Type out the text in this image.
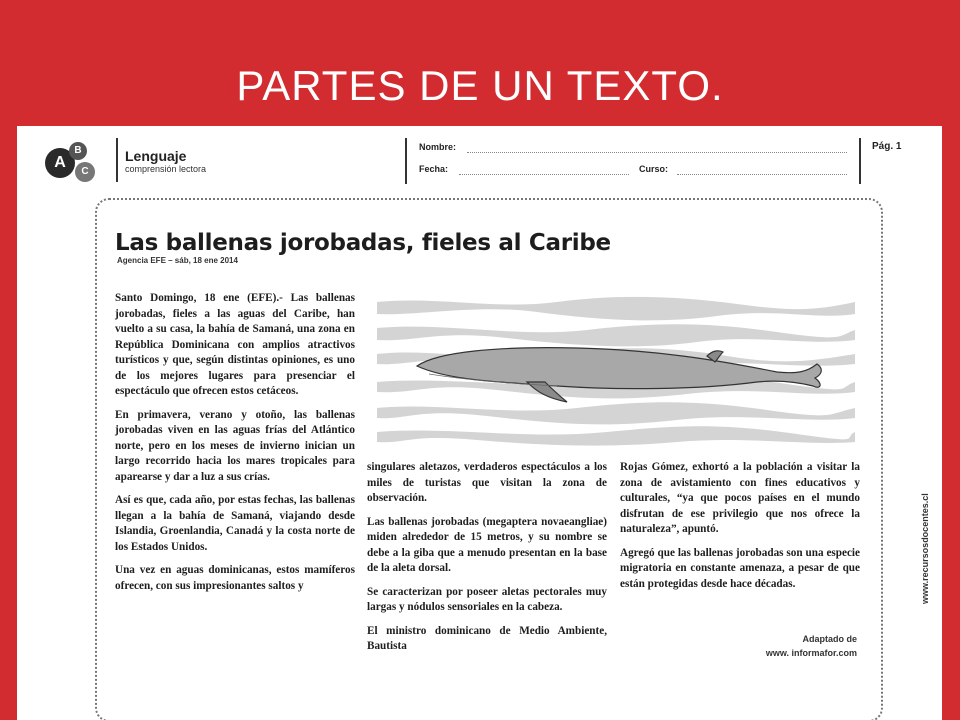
PARTES DE UN TEXTO.
A
B
C
Lenguaje
comprensión lectora
Nombre:
Fecha:	Curso:
Pág. 1
Las ballenas jorobadas, fieles al Caribe
Agencia EFE – sáb, 18 ene 2014

Santo Domingo, 18 ene (EFE).- Las ballenas jorobadas, fieles a las aguas del Caribe, han vuelto a su casa, la bahía de Samaná, una zona en República Dominicana con amplios atractivos turísticos y que, según distintas opiniones, es uno de los mejores lugares para presenciar el espectáculo que ofrecen estos cetáceos.

En primavera, verano y otoño, las ballenas jorobadas viven en las aguas frías del Atlántico norte, pero en los meses de invierno inician un largo recorrido hacia los mares tropicales para aparearse y dar a luz a sus crías.

Así es que, cada año, por estas fechas, las ballenas llegan a la bahía de Samaná, viajando desde Islandia, Groenlandia, Canadá y la costa norte de los Estados Unidos.

Una vez en aguas dominicanas, estos mamíferos ofrecen, con sus impresionantes saltos y

singulares aletazos, verdaderos espectáculos a los miles de turistas que visitan la zona de observación.

Las ballenas jorobadas (megaptera novaeangliae) miden alrededor de 15 metros, y su nombre se debe a la giba que a menudo presentan en la base de la aleta dorsal.

Se caracterizan por poseer aletas pectorales muy largas y nódulos sensoriales en la cabeza.

El ministro dominicano de Medio Ambiente, Bautista

Rojas Gómez, exhortó a la población a visitar la zona de avistamiento con fines educativos y culturales, “ya que pocos países en el mundo disfrutan de ese privilegio que nos ofrece la naturaleza”, apuntó.

Agregó que las ballenas jorobadas son una especie migratoria en constante amenaza, a pesar de que están protegidas desde hace décadas.

Adaptado de
www. informafor.com
www.recursosdocentes.cl
